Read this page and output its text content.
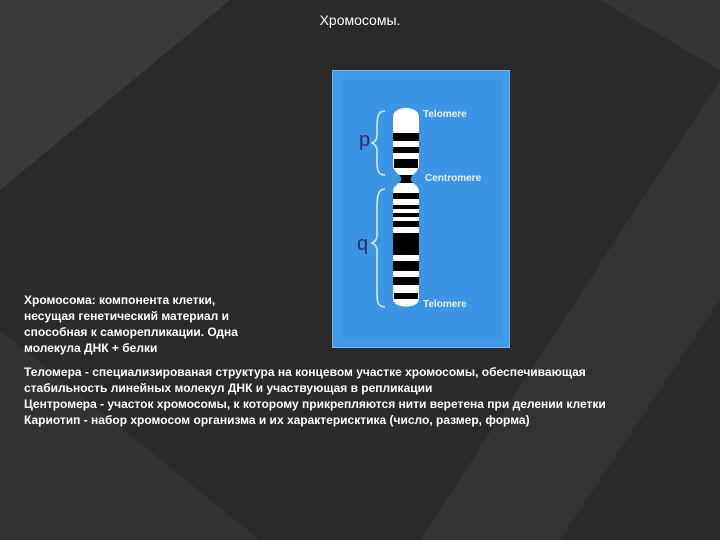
Хромосомы.
Telomere
Centromere
Telomere
p
q
Хромосома: компонента клетки,
несущая генетический материал и
способная к саморепликации. Одна
молекула ДНК + белки
Теломера - специализированая структура на концевом участке хромосомы, обеспечивающая
стабильность линейных молекул ДНК и участвующая в репликации
Центромера - участок хромосомы, к которому прикрепляются нити веретена при делении клетки
Кариотип - набор хромосом организма и их характерисктика (число, размер, форма)
